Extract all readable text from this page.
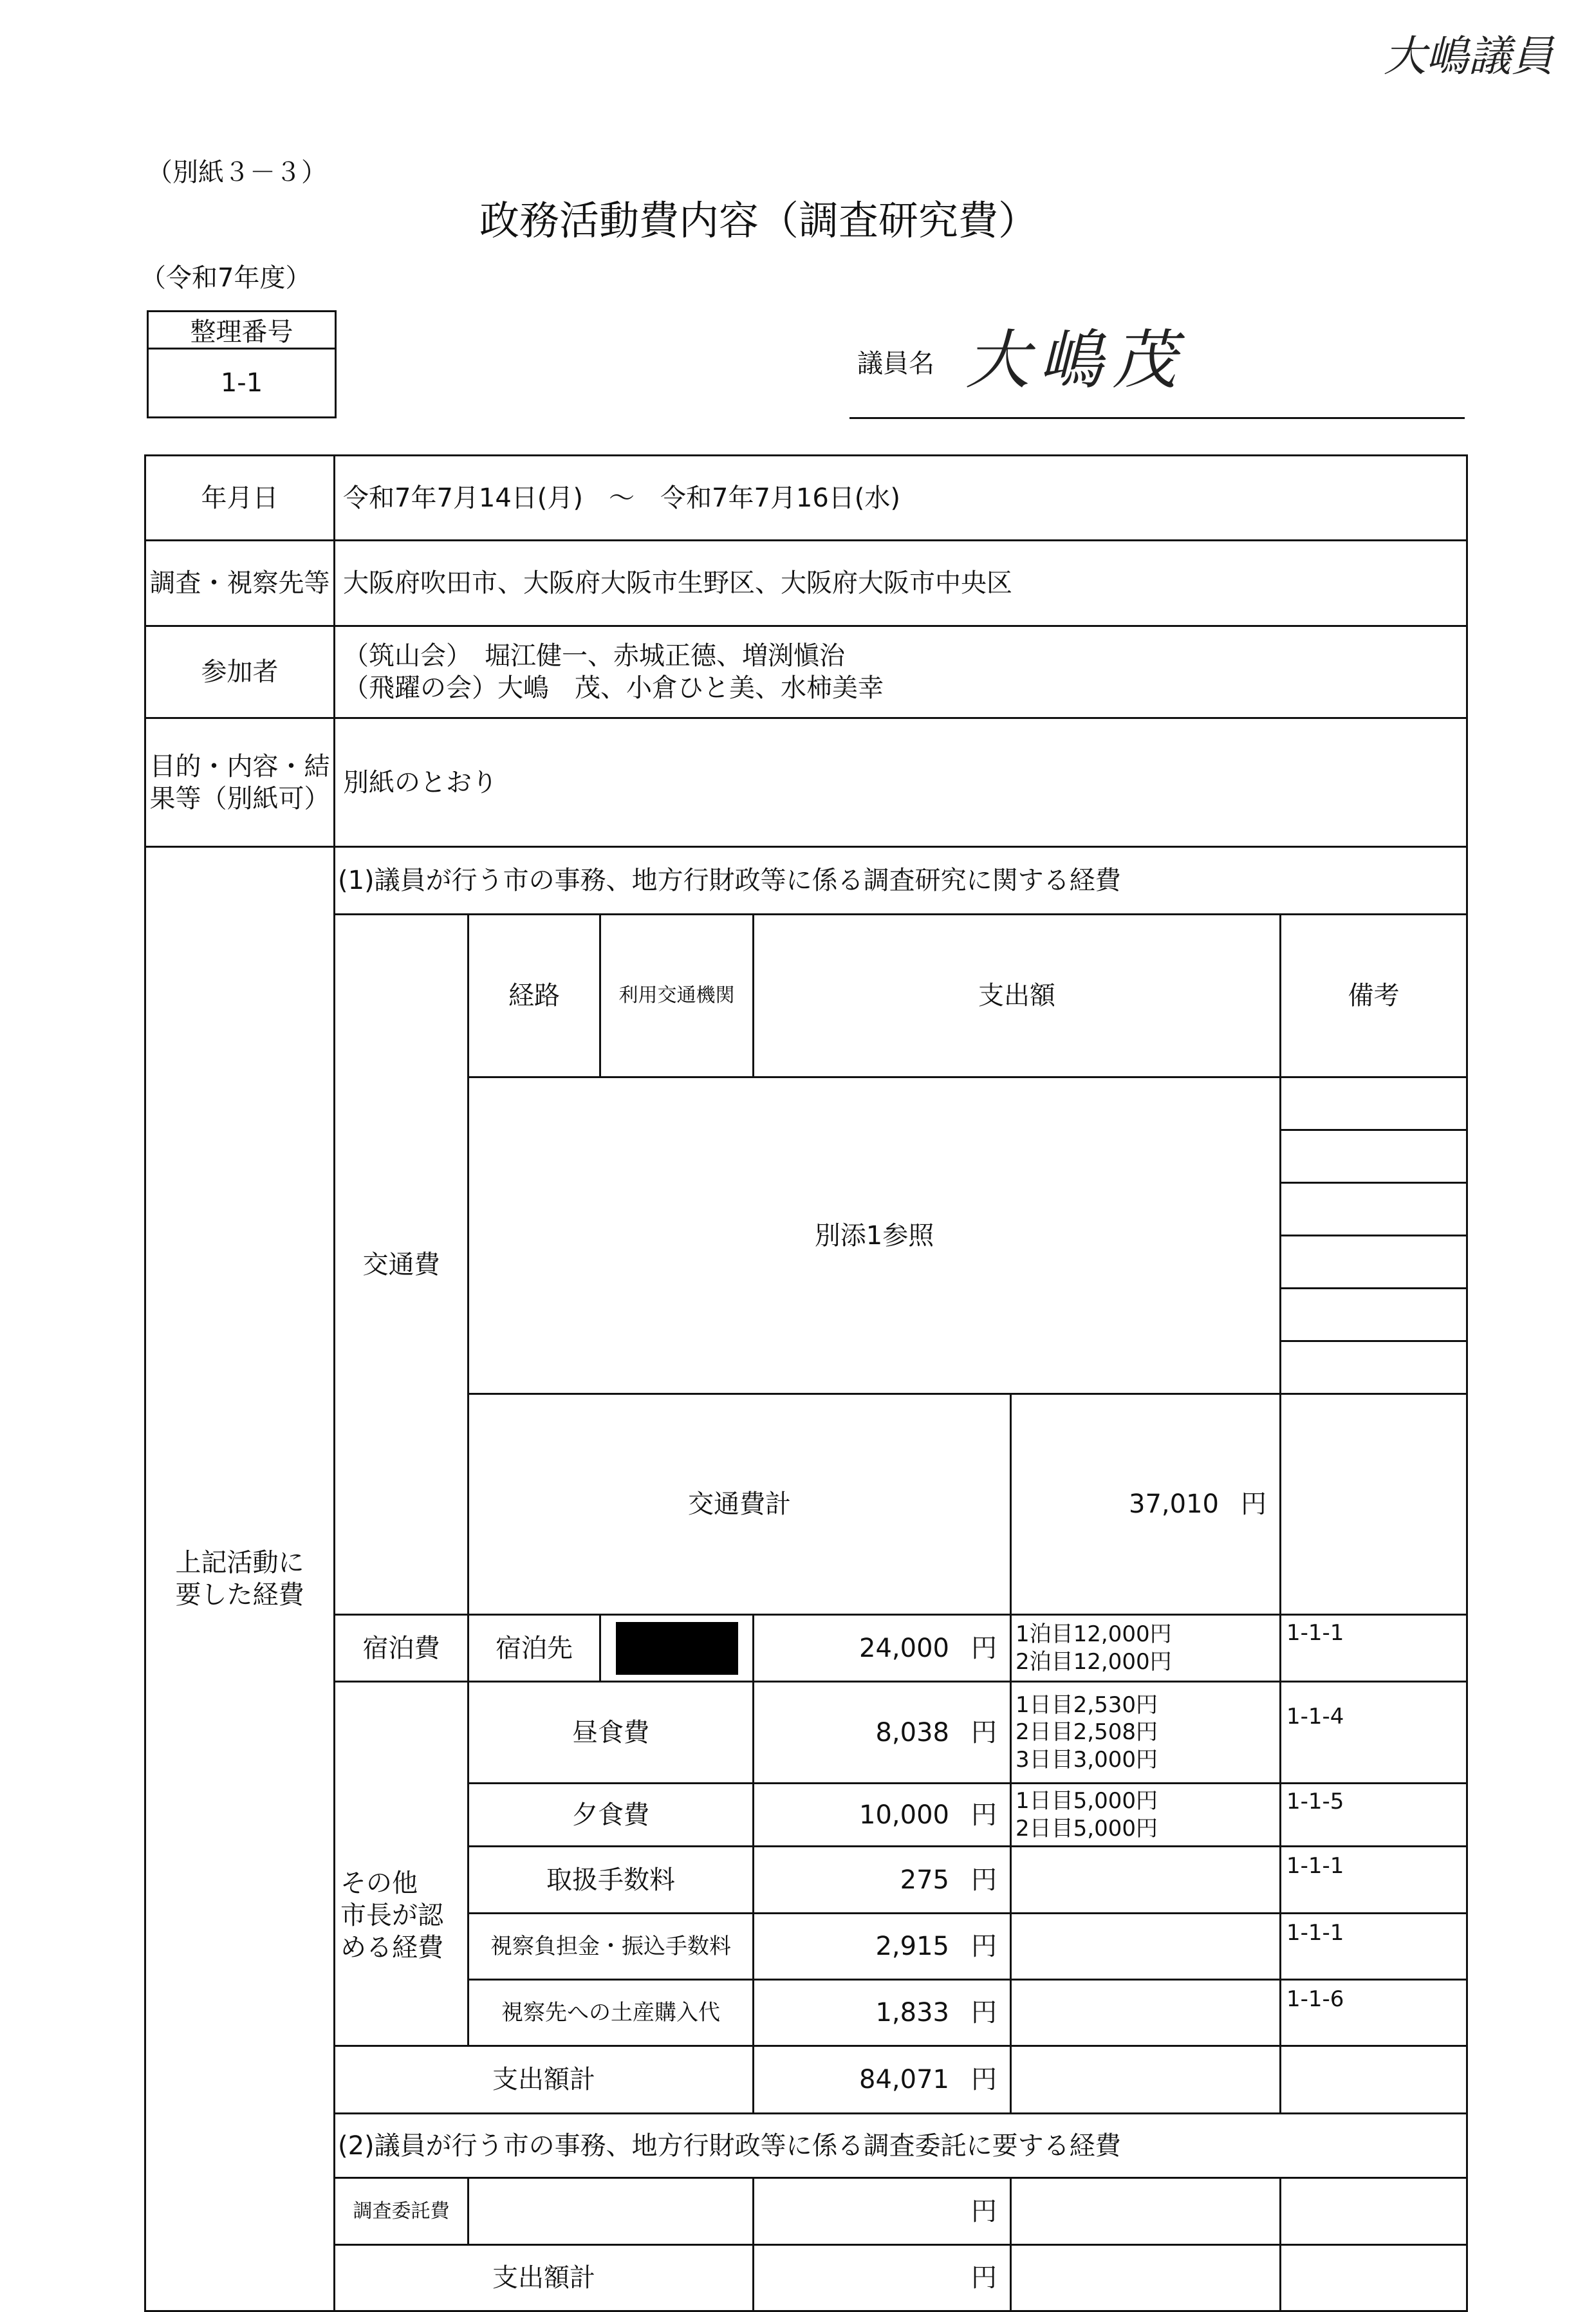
大嶋議員
（別紙３－３）
政務活動費内容（調査研究費）
（令和7年度）
整理番号
1-1
議員名 大嶋茂
年月日	令和7年7月14日(月)　～　令和7年7月16日(水)						
調査・視察先等	大阪府吹田市、大阪府大阪市生野区、大阪府大阪市中央区						
参加者	（筑山会）　堀江健一、赤城正德、増渕愼治
（飛躍の会）大嶋　茂、小倉ひと美、水柿美幸						

目的・内容・結
果等（別紙可）	別紙のとおり						

上記活動に
要した経費	(1)議員が行う市の事務、地方行財政等に係る調査研究に関する経費						
	交通費	経路	利用交通機関	支出額		備考	
		別添1参照					

		交通費計			37,010 円

	宿泊費	宿泊先		24,000 円	1泊目12,000円
2泊目12,000円	1-1-1	

	その他
市長が認
める経費	昼食費		8,038 円	1日目2,530円
2日目2,508円
3日目3,000円	1-1-4	
		夕食費		10,000 円	1日目5,000円
2日目5,000円	1-1-5	
		取扱手数料		275 円		1-1-1	
		視察負担金・振込手数料		2,915 円		1-1-1	
		視察先への土産購入代		1,833 円		1-1-6	
	支出額計			84,071 円			

	(2)議員が行う市の事務、地方行財政等に係る調査委託に要する経費						
	調査委託費			円			

	支出額計			円			
